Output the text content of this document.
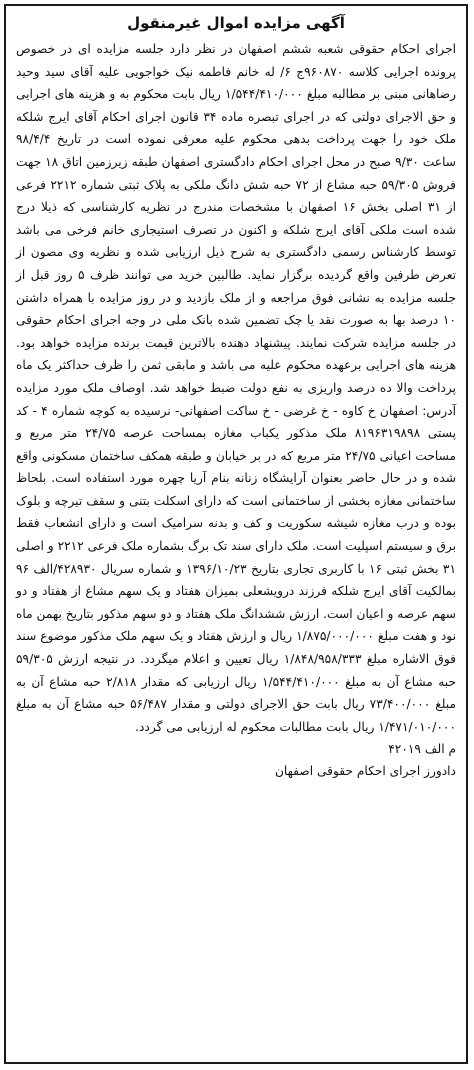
آگهی مزایده اموال غیرمنقول

اجرای احکام حقوقی شعبه ششم اصفهان در نظر دارد جلسه مزایده ای در خصوص پرونده اجرایی کلاسه ۹۶۰۸۷۰ج ۶/ له خانم فاطمه نیک خواجویی علیه آقای سید وحید رضاهانی مبنی بر مطالبه مبلغ ۱/۵۴۴/۴۱۰/۰۰۰ ریال بابت محکوم به و هزینه های اجرایی و حق الاجرای دولتی که در اجرای تبصره ماده ۳۴ قانون اجرای احکام آقای ایرج شلکه ملک خود را جهت پرداخت بدهی محکوم علیه معرفی نموده است در تاریخ ۹۸/۴/۴ ساعت ۹/۳۰ صبح در محل اجرای احکام دادگستری اصفهان طبقه زیرزمین اتاق ۱۸ جهت فروش ۵۹/۳۰۵ حبه مشاع از ۷۲ حبه شش دانگ ملکی به پلاک ثبتی شماره ۲۲۱۲ فرعی از ۳۱ اصلی بخش ۱۶ اصفهان با مشخصات مندرج در نظریه کارشناسی که ذیلا درج شده است ملکی آقای ایرج شلکه و اکنون در تصرف استیجاری خانم فرخی می باشد توسط کارشناس رسمی دادگستری به شرح ذیل ارزیابی شده و نظریه وی مصون از تعرض طرفین واقع گردیده برگزار نماید. طالبین خرید می توانند ظرف ۵ روز قبل از جلسه مزایده به نشانی فوق مراجعه و از ملک بازدید و در روز مزایده با همراه داشتن ۱۰ درصد بها به صورت نقد یا چک تضمین شده بانک ملی در وجه اجرای احکام حقوقی در جلسه مزایده شرکت نمایند. پیشنهاد دهنده بالاترین قیمت برنده مزایده خواهد بود. هزینه های اجرایی برعهده محکوم علیه می باشد و مابقی ثمن را ظرف حداکثر یک ماه پرداخت والا ده درصد واریزی به نفع دولت ضبط خواهد شد. اوصاف ملک مورد مزایده آدرس: اصفهان خ کاوه - خ غرضی - خ ساکت اصفهانی- نرسیده به کوچه شماره ۴ - کد پستی ۸۱۹۶۳۱۹۸۹۸ ملک مذکور یکباب مغازه بمساحت عرصه ۲۴/۷۵ متر مربع و مساحت اعیانی ۲۴/۷۵ متر مربع که در بر خیابان و طبقه همکف ساختمان مسکونی واقع شده و در حال حاضر بعنوان آرایشگاه زنانه بنام آریا چهره مورد استفاده است. بلحاظ ساختمانی مغازه بخشی از ساختمانی است که دارای اسکلت بتنی و سقف تیرچه و بلوک بوده و درب مغازه شیشه سکوریت و کف و بدنه سرامیک است و دارای انشعاب فقط برق و سیستم اسپلیت است. ملک دارای سند تک برگ بشماره ملک فرعی ۲۲۱۲ و اصلی ۳۱ بخش ثبتی ۱۶ با کاربری تجاری بتاریخ ۱۳۹۶/۱۰/۲۳ و شماره سریال ۴۲۸۹۳۰/الف ۹۶ بمالکیت آقای ایرج شلکه فرزند درویشعلی بمیزان هفتاد و یک سهم مشاع از هفتاد و دو سهم عرصه و اعیان است. ارزش ششدانگ ملک هفتاد و دو سهم مذکور بتاریخ بهمن ماه نود و هفت مبلغ ۱/۸۷۵/۰۰۰/۰۰۰ ریال و ارزش هفتاد و یک سهم ملک مذکور موضوع سند فوق الاشاره مبلغ ۱/۸۴۸/۹۵۸/۳۳۳ ریال تعیین و اعلام میگردد. در نتیجه ارزش ۵۹/۳۰۵ حبه مشاع آن به مبلغ ۱/۵۴۴/۴۱۰/۰۰۰ ریال ارزیابی که مقدار ۲/۸۱۸ حبه مشاع آن به مبلغ ۷۳/۴۰۰/۰۰۰ ریال بابت حق الاجرای دولتی و مقدار ۵۶/۴۸۷ حبه مشاع آن به مبلغ ۱/۴۷۱/۰۱۰/۰۰۰ ریال بابت مطالبات محکوم له ارزیابی می گردد.

م الف ۴۲۰۱۹

دادورز اجرای احکام حقوقی اصفهان
